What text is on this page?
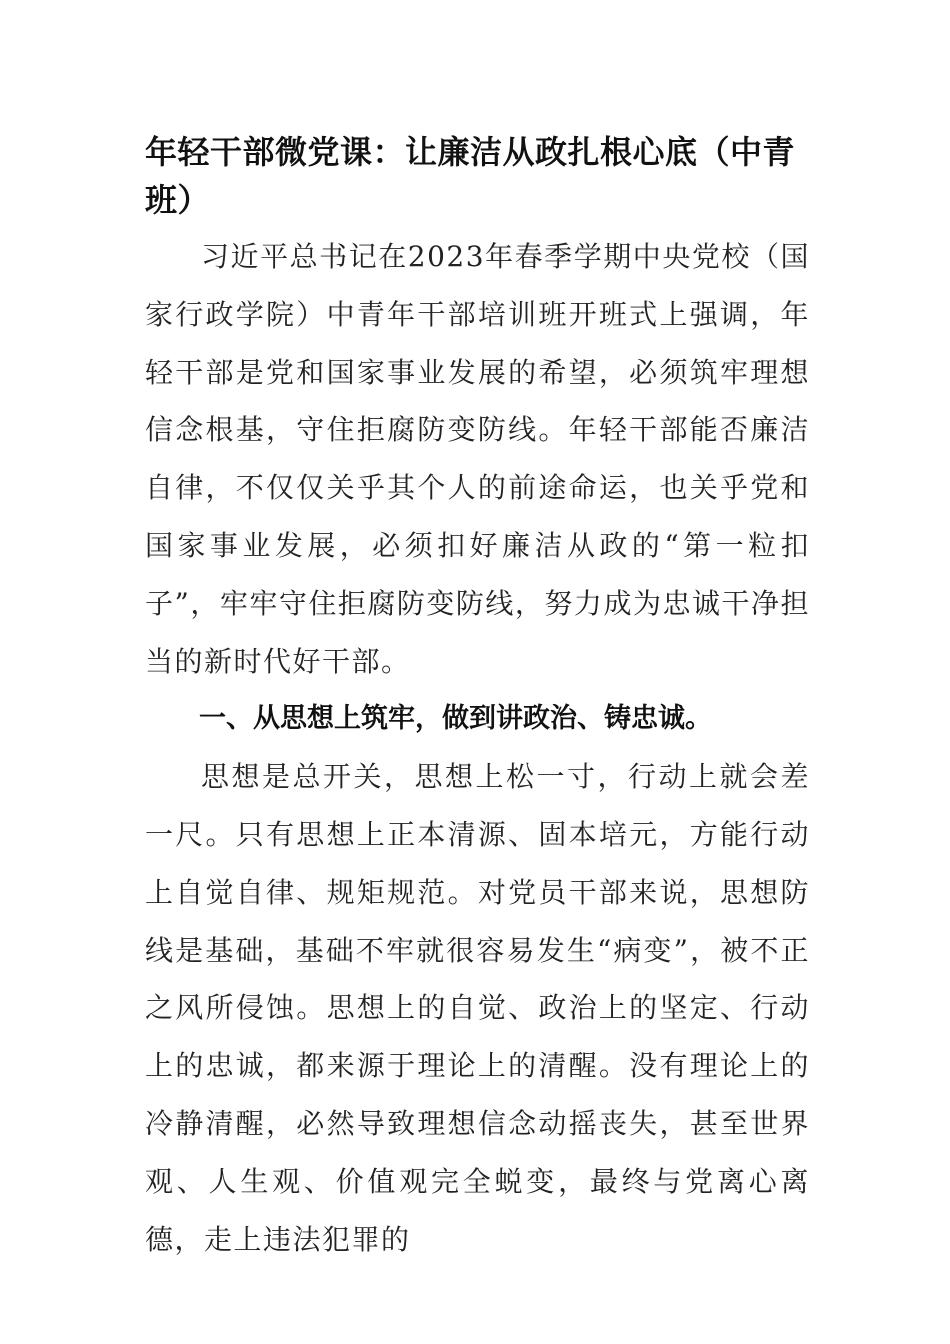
年轻干部微党课：让廉洁从政扎根心底（中青班）

习近平总书记在2023年春季学期中央党校（国家行政学院）中青年干部培训班开班式上强调，年轻干部是党和国家事业发展的希望，必须筑牢理想信念根基，守住拒腐防变防线。年轻干部能否廉洁自律，不仅仅关乎其个人的前途命运，也关乎党和国家事业发展，必须扣好廉洁从政的“第一粒扣子”，牢牢守住拒腐防变防线，努力成为忠诚干净担当的新时代好干部。

一、从思想上筑牢，做到讲政治、铸忠诚。

思想是总开关，思想上松一寸，行动上就会差一尺。只有思想上正本清源、固本培元，方能行动上自觉自律、规矩规范。对党员干部来说，思想防线是基础，基础不牢就很容易发生“病变”，被不正之风所侵蚀。思想上的自觉、政治上的坚定、行动上的忠诚，都来源于理论上的清醒。没有理论上的冷静清醒，必然导致理想信念动摇丧失，甚至世界观、人生观、价值观完全蜕变，最终与党离心离德，走上违法犯罪的
